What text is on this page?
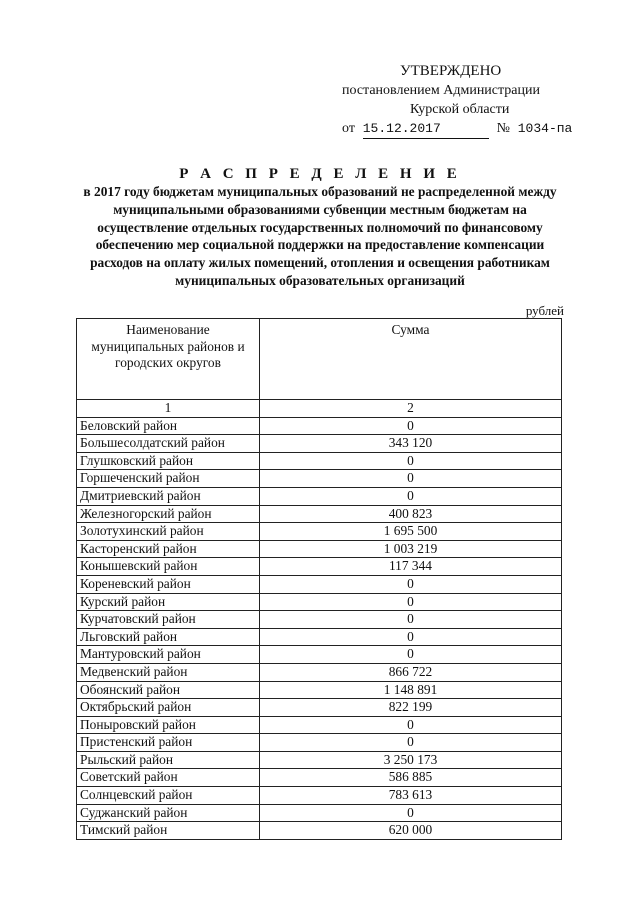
УТВЕРЖДЕНО
постановлением Администрации
Курской области
от 15.12.2017	№ 1034-па
Р А С П Р Е Д Е Л Е Н И Е
в 2017 году бюджетам муниципальных образований не распределенной между муниципальными образованиями субвенции местным бюджетам на осуществление отдельных государственных полномочий по финансовому обеспечению мер социальной поддержки на предоставление компенсации расходов на оплату жилых помещений, отопления и освещения работникам муниципальных образовательных организаций
рублей
Наименование муниципальных районов и городских округов	Сумма
1	2
Беловский район	0
Большесолдатский район	343 120
Глушковский район	0
Горшеченский район	0
Дмитриевский район	0
Железногорский район	400 823
Золотухинский район	1 695 500
Касторенский район	1 003 219
Конышевский район	117 344
Кореневский район	0
Курский район	0
Курчатовский район	0
Льговский район	0
Мантуровский район	0
Медвенский район	866 722
Обоянский район	1 148 891
Октябрьский район	822 199
Поныровский район	0
Пристенский район	0
Рыльский район	3 250 173
Советский район	586 885
Солнцевский район	783 613
Суджанский район	0
Тимский район	620 000
